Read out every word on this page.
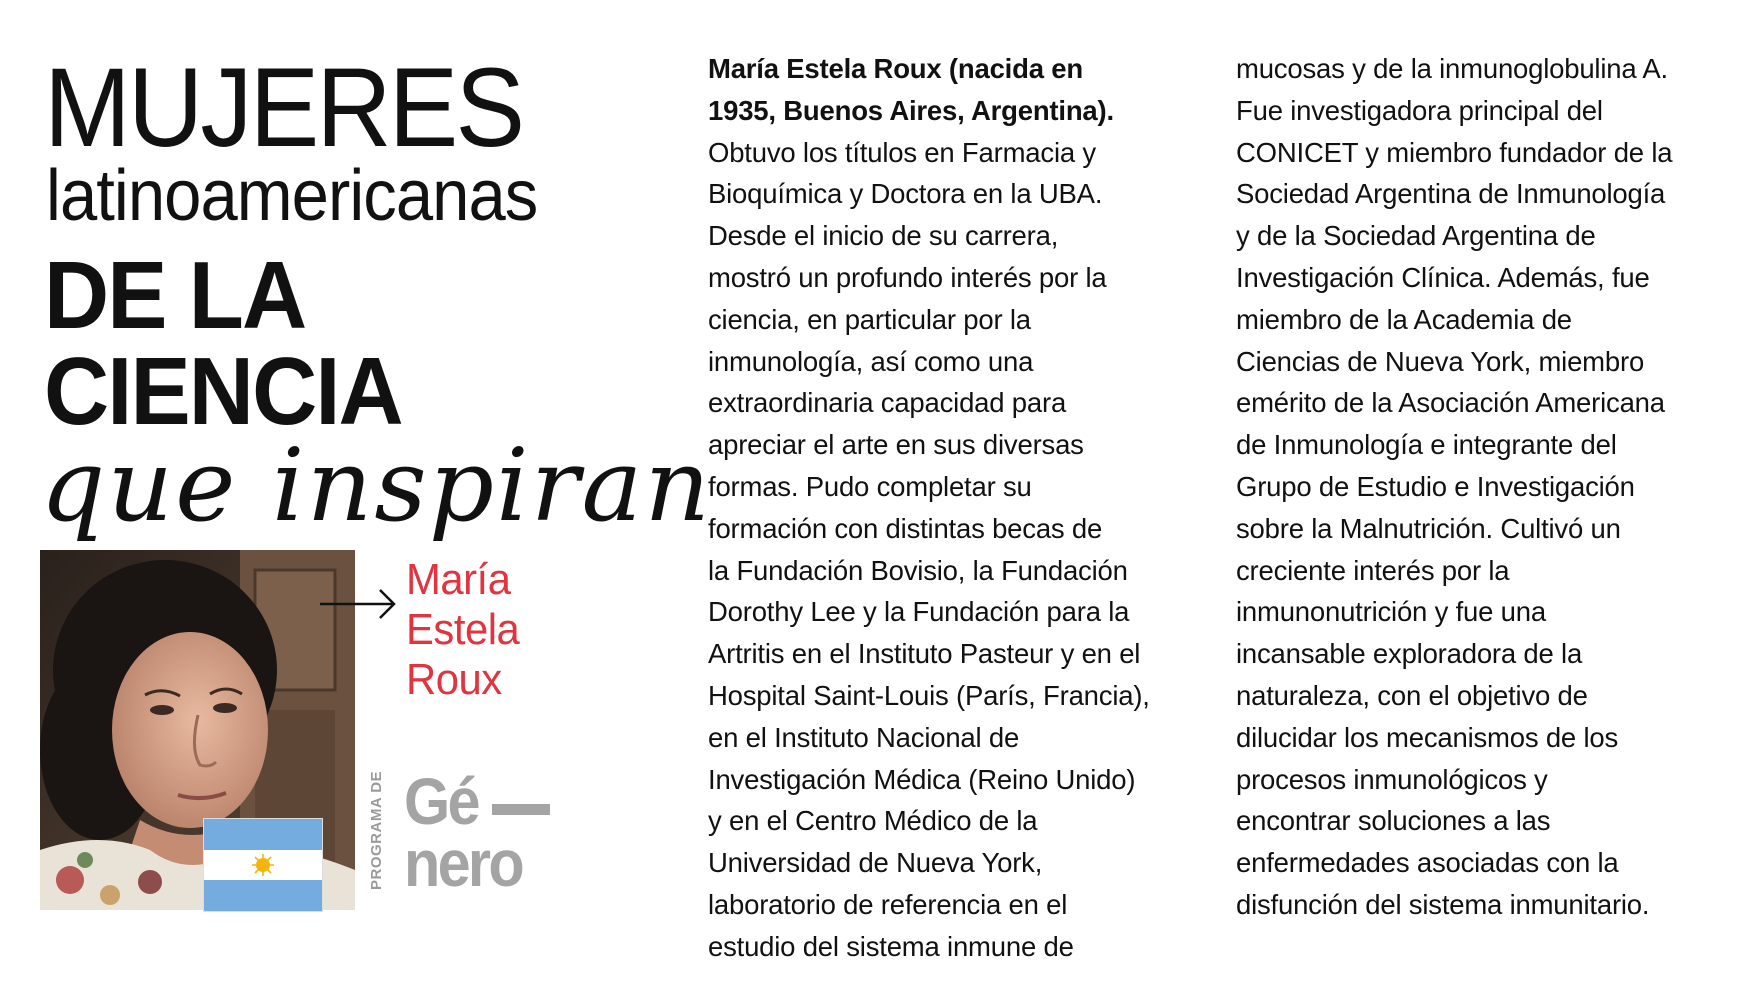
MUJERES
latinoamericanas
DE LA
CIENCIA
que inspiran
María
Estela
Roux
PROGRAMA DE Gé
nero
María Estela Roux (nacida en
1935, Buenos Aires, Argentina).
Obtuvo los títulos en Farmacia y
Bioquímica y Doctora en la UBA.
Desde el inicio de su carrera,
mostró un profundo interés por la
ciencia, en particular por la
inmunología, así como una
extraordinaria capacidad para
apreciar el arte en sus diversas
formas. Pudo completar su
formación con distintas becas de
la Fundación Bovisio, la Fundación
Dorothy Lee y la Fundación para la
Artritis en el Instituto Pasteur y en el
Hospital Saint-Louis (París, Francia),
en el Instituto Nacional de
Investigación Médica (Reino Unido)
y en el Centro Médico de la
Universidad de Nueva York,
laboratorio de referencia en el
estudio del sistema inmune de
mucosas y de la inmunoglobulina A.
Fue investigadora principal del
CONICET y miembro fundador de la
Sociedad Argentina de Inmunología
y de la Sociedad Argentina de
Investigación Clínica. Además, fue
miembro de la Academia de
Ciencias de Nueva York, miembro
emérito de la Asociación Americana
de Inmunología e integrante del
Grupo de Estudio e Investigación
sobre la Malnutrición. Cultivó un
creciente interés por la
inmunonutrición y fue una
incansable exploradora de la
naturaleza, con el objetivo de
dilucidar los mecanismos de los
procesos inmunológicos y
encontrar soluciones a las
enfermedades asociadas con la
disfunción del sistema inmunitario.
